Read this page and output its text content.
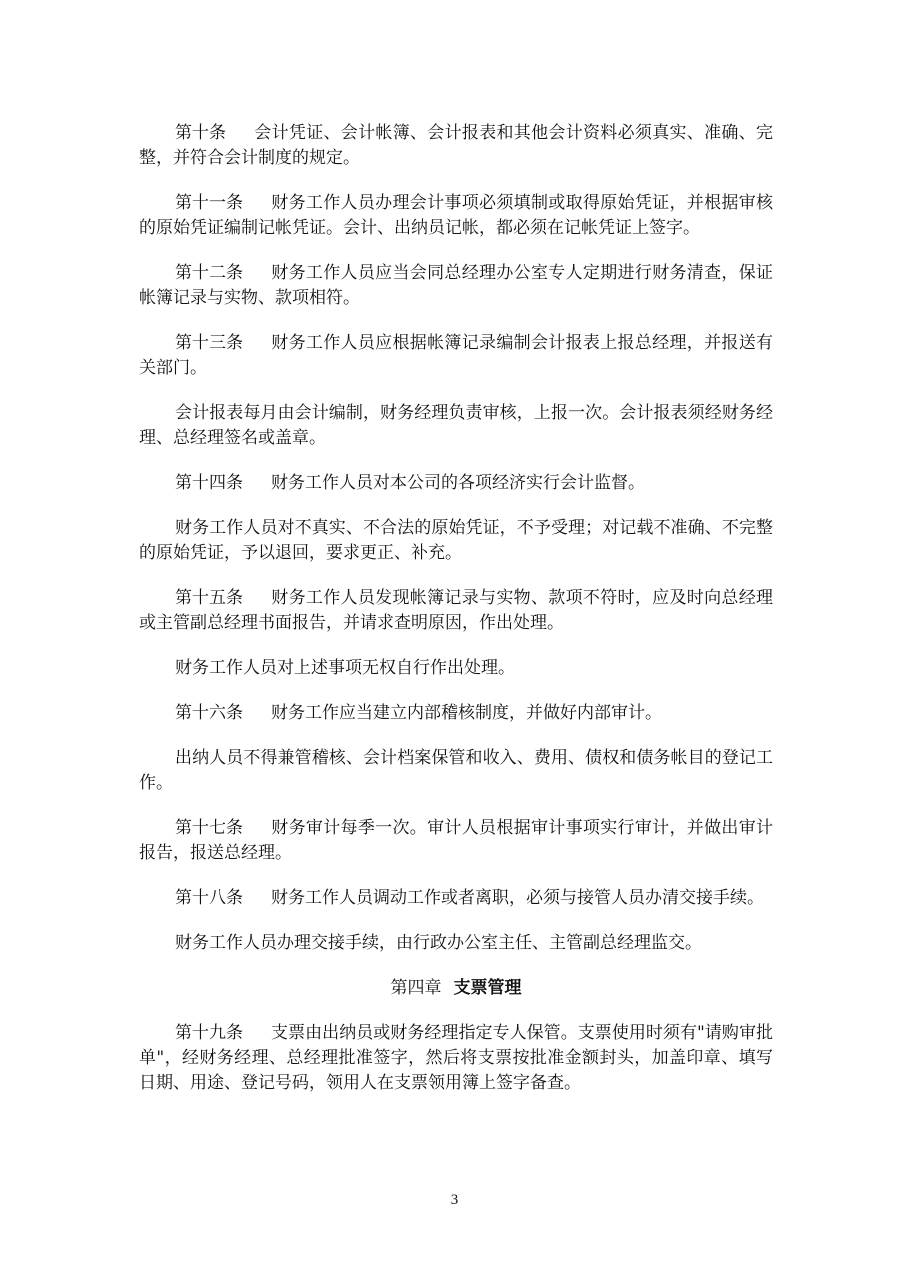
第十条 会计凭证、会计帐簿、会计报表和其他会计资料必须真实、准确、完整，并符合会计制度的规定。

第十一条 财务工作人员办理会计事项必须填制或取得原始凭证，并根据审核的原始凭证编制记帐凭证。会计、出纳员记帐，都必须在记帐凭证上签字。

第十二条 财务工作人员应当会同总经理办公室专人定期进行财务清查，保证帐簿记录与实物、款项相符。

第十三条 财务工作人员应根据帐簿记录编制会计报表上报总经理，并报送有关部门。

会计报表每月由会计编制，财务经理负责审核，上报一次。会计报表须经财务经理、总经理签名或盖章。

第十四条 财务工作人员对本公司的各项经济实行会计监督。

财务工作人员对不真实、不合法的原始凭证，不予受理；对记载不准确、不完整的原始凭证，予以退回，要求更正、补充。

第十五条 财务工作人员发现帐簿记录与实物、款项不符时，应及时向总经理或主管副总经理书面报告，并请求查明原因，作出处理。

财务工作人员对上述事项无权自行作出处理。

第十六条 财务工作应当建立内部稽核制度，并做好内部审计。

出纳人员不得兼管稽核、会计档案保管和收入、费用、债权和债务帐目的登记工作。

第十七条 财务审计每季一次。审计人员根据审计事项实行审计，并做出审计报告，报送总经理。

第十八条 财务工作人员调动工作或者离职，必须与接管人员办清交接手续。

财务工作人员办理交接手续，由行政办公室主任、主管副总经理监交。

第四章 支票管理

第十九条 支票由出纳员或财务经理指定专人保管。支票使用时须有"请购审批单"，经财务经理、总经理批准签字，然后将支票按批准金额封头，加盖印章、填写日期、用途、登记号码，领用人在支票领用簿上签字备查。

3
